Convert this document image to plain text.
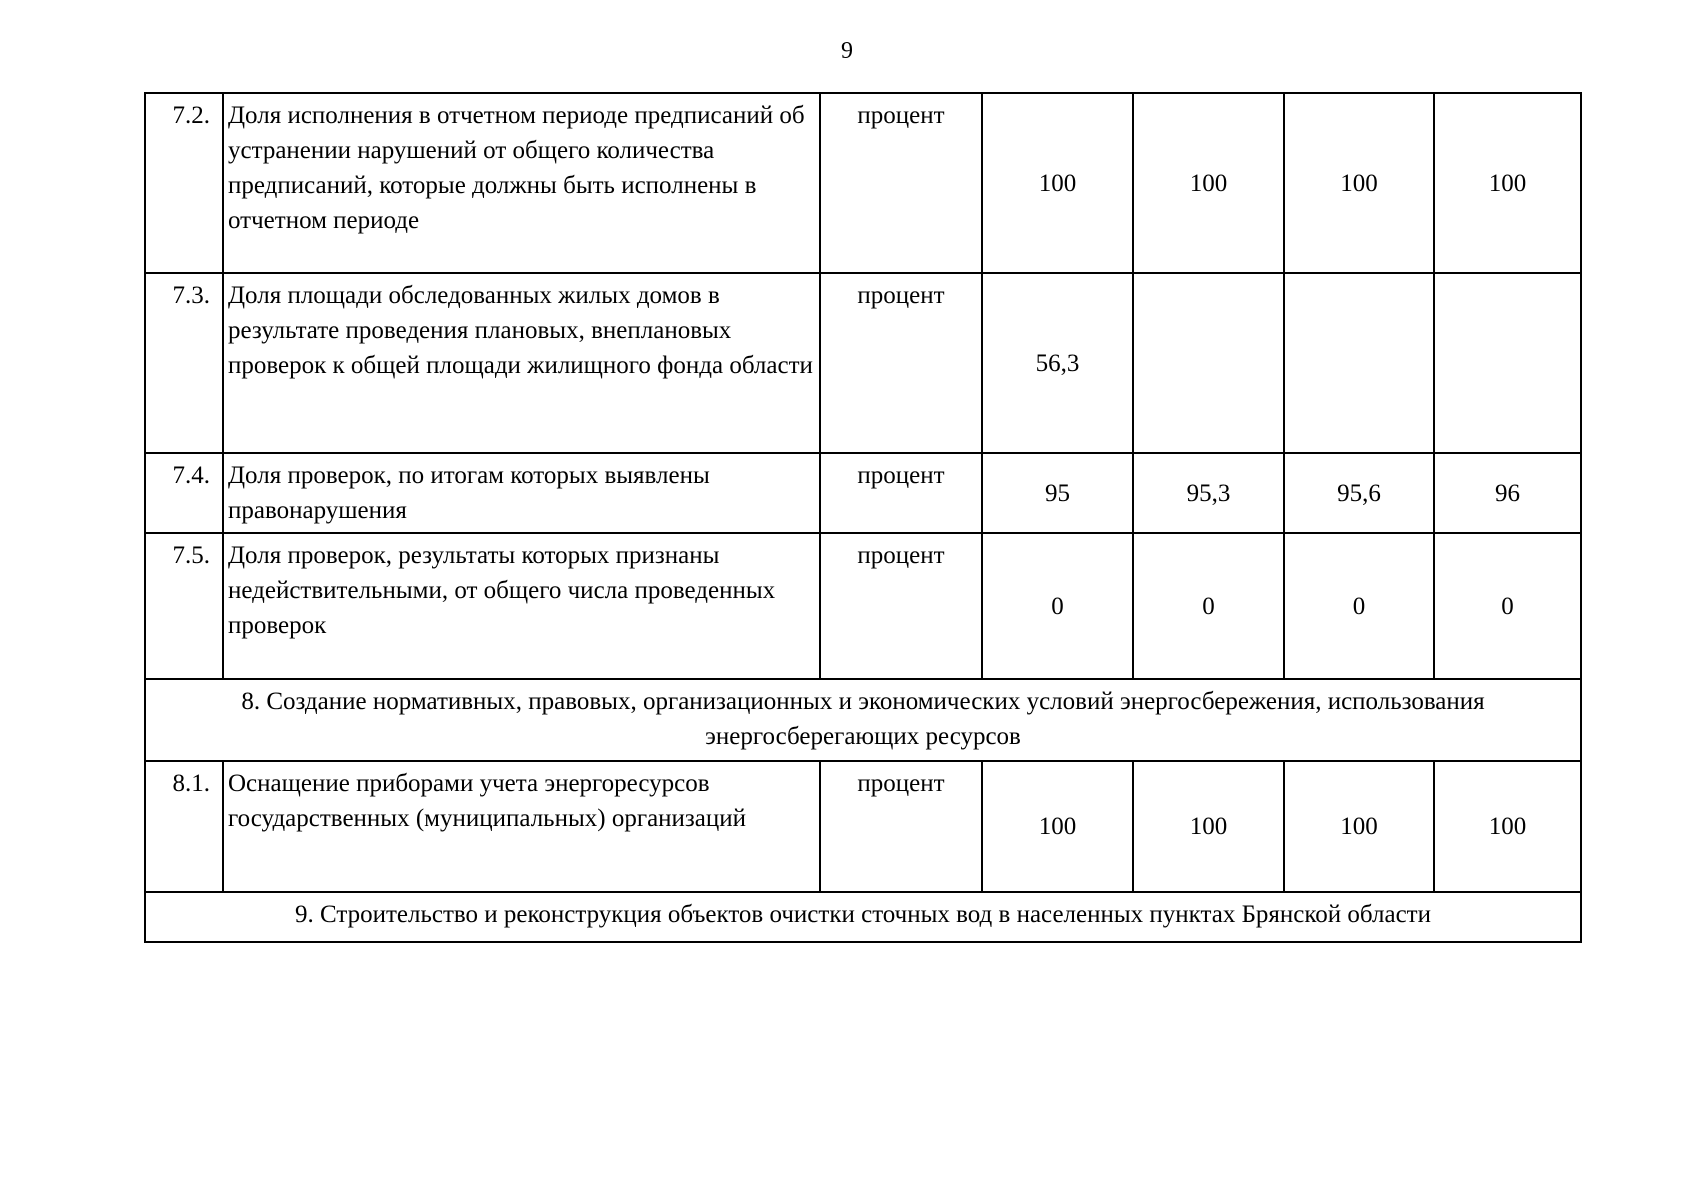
9
7.2.	Доля исполнения в отчетном периоде предписаний об устранении нарушений от общего количества предписаний, которые должны быть исполнены в отчетном периоде	процент	100	100	100	100
7.3.	Доля площади обследованных жилых домов в результате проведения плановых, внеплановых проверок к общей площади жилищного фонда области	процент	56,3			
7.4.	Доля проверок, по итогам которых выявлены правонарушения	процент	95	95,3	95,6	96
7.5.	Доля проверок, результаты которых признаны недействительными, от общего числа проведенных проверок	процент	0	0	0	0
8. Создание нормативных, правовых, организационных и экономических условий энергосбережения, использования энергосберегающих ресурсов						
8.1.	Оснащение приборами учета энергоресурсов государственных (муниципальных) организаций	процент	100	100	100	100
9. Строительство и реконструкция объектов очистки сточных вод в населенных пунктах Брянской области						
